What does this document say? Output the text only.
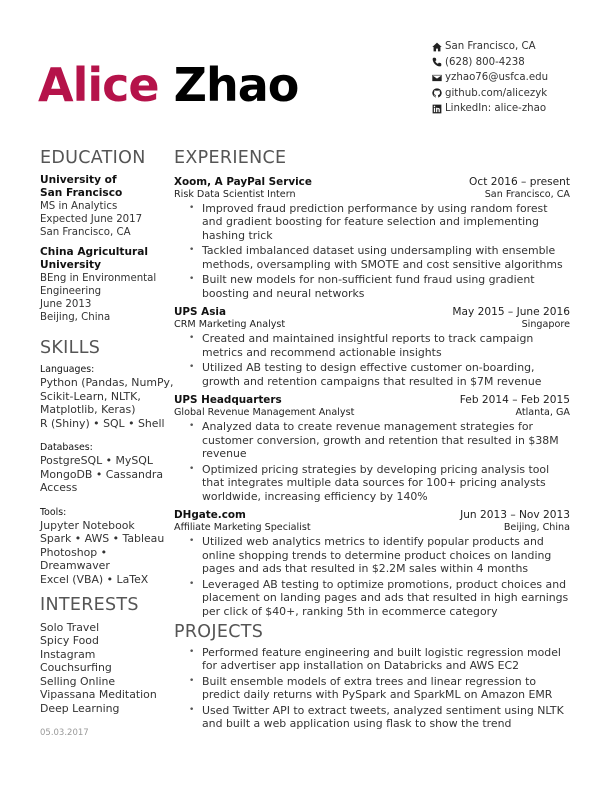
Alice Zhao
San Francisco, CA
(628) 800-4238
yzhao76@usfca.edu
github.com/alicezyk
LinkedIn: alice-zhao
EDUCATION
University of
San Francisco
MS in Analytics
Expected June 2017
San Francisco, CA
China Agricultural
University
BEng in Environmental
Engineering
June 2013
Beijing, China
SKILLS
Languages:
Python (Pandas, NumPy,
Scikit-Learn, NLTK,
Matplotlib, Keras)
R (Shiny) • SQL • Shell
Databases:
PostgreSQL • MySQL
MongoDB • Cassandra
Access
Tools:
Jupyter Notebook
Spark • AWS • Tableau
Photoshop •
Dreamwaver
Excel (VBA) • LaTeX
INTERESTS
Solo Travel
Spicy Food
Instagram
Couchsurfing
Selling Online
Vipassana Meditation
Deep Learning
05.03.2017
EXPERIENCE
Xoom, A PayPal Service	Oct 2016 – present
Risk Data Scientist Intern	San Francisco, CA
• Improved fraud prediction performance by using random forest and gradient boosting for feature selection and implementing hashing trick
• Tackled imbalanced dataset using undersampling with ensemble methods, oversampling with SMOTE and cost sensitive algorithms
• Built new models for non-sufficient fund fraud using gradient boosting and neural networks
UPS Asia	May 2015 – June 2016
CRM Marketing Analyst	Singapore
• Created and maintained insightful reports to track campaign metrics and recommend actionable insights
• Utilized AB testing to design effective customer on-boarding, growth and retention campaigns that resulted in $7M revenue
UPS Headquarters	Feb 2014 – Feb 2015
Global Revenue Management Analyst	Atlanta, GA
• Analyzed data to create revenue management strategies for customer conversion, growth and retention that resulted in $38M revenue
• Optimized pricing strategies by developing pricing analysis tool that integrates multiple data sources for 100+ pricing analysts worldwide, increasing efficiency by 140%
DHgate.com	Jun 2013 – Nov 2013
Affiliate Marketing Specialist	Beijing, China
• Utilized web analytics metrics to identify popular products and online shopping trends to determine product choices on landing pages and ads that resulted in $2.2M sales within 4 months
• Leveraged AB testing to optimize promotions, product choices and placement on landing pages and ads that resulted in high earnings per click of $40+, ranking 5th in ecommerce category
PROJECTS
• Performed feature engineering and built logistic regression model for advertiser app installation on Databricks and AWS EC2
• Built ensemble models of extra trees and linear regression to predict daily returns with PySpark and SparkML on Amazon EMR
• Used Twitter API to extract tweets, analyzed sentiment using NLTK and built a web application using flask to show the trend
